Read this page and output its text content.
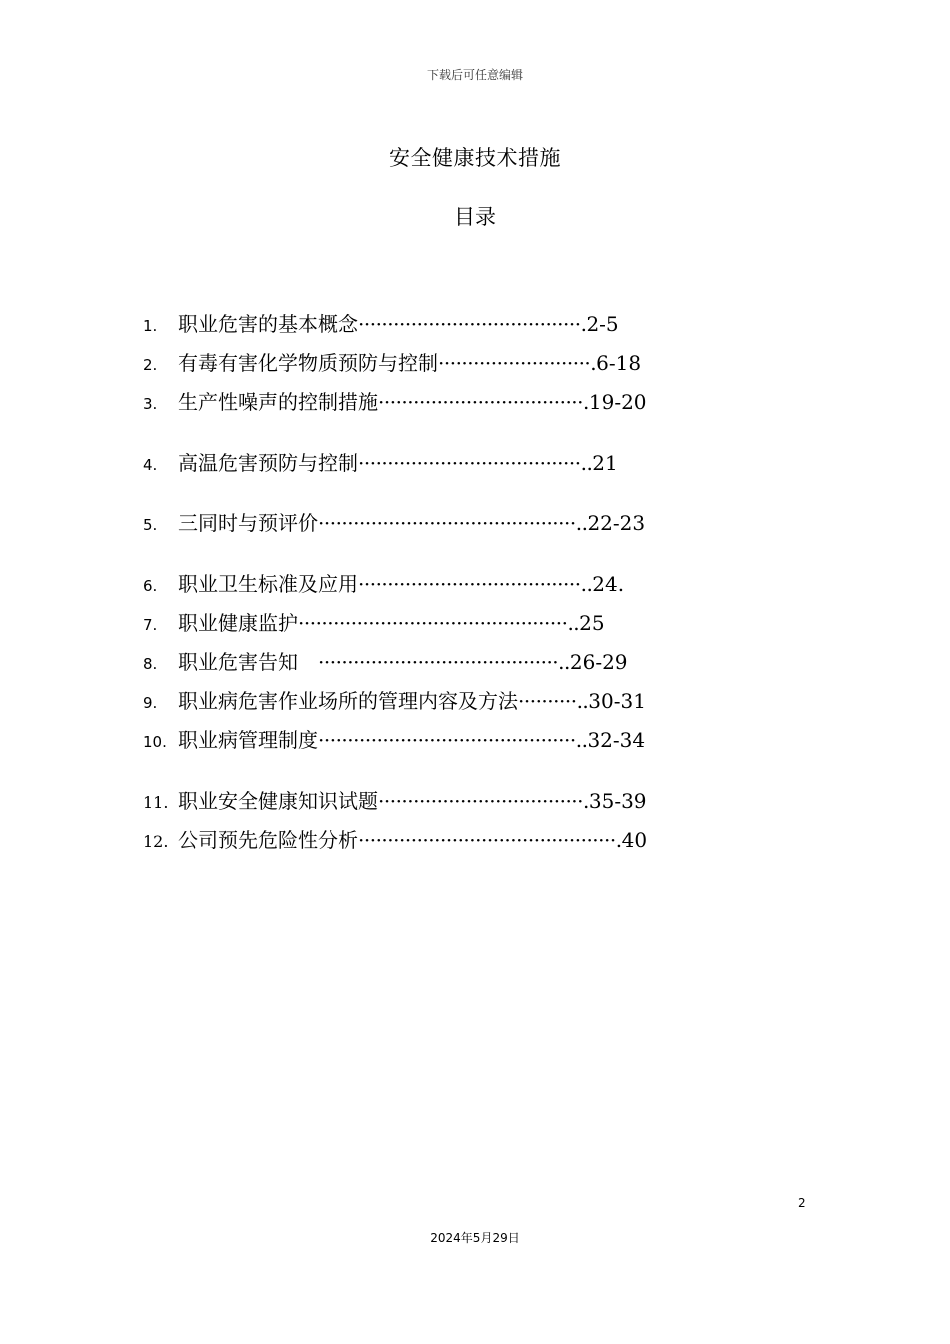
下载后可任意编辑
安全健康技术措施
目录
1. 职业危害的基本概念······································.2-5
2. 有毒有害化学物质预防与控制··························.6-18
3. 生产性噪声的控制措施···································.19-20
4. 高温危害预防与控制······································..21
5. 三同时与预评价············································..22-23
6. 职业卫生标准及应用······································..24.
7. 职业健康监护··············································..25
8. 职业危害告知　·········································..26-29
9. 职业病危害作业场所的管理内容及方法··········..30-31
10. 职业病管理制度············································..32-34
11. 职业安全健康知识试题···································.35-39
12. 公司预先危险性分析············································.40
2
2024年5月29日
